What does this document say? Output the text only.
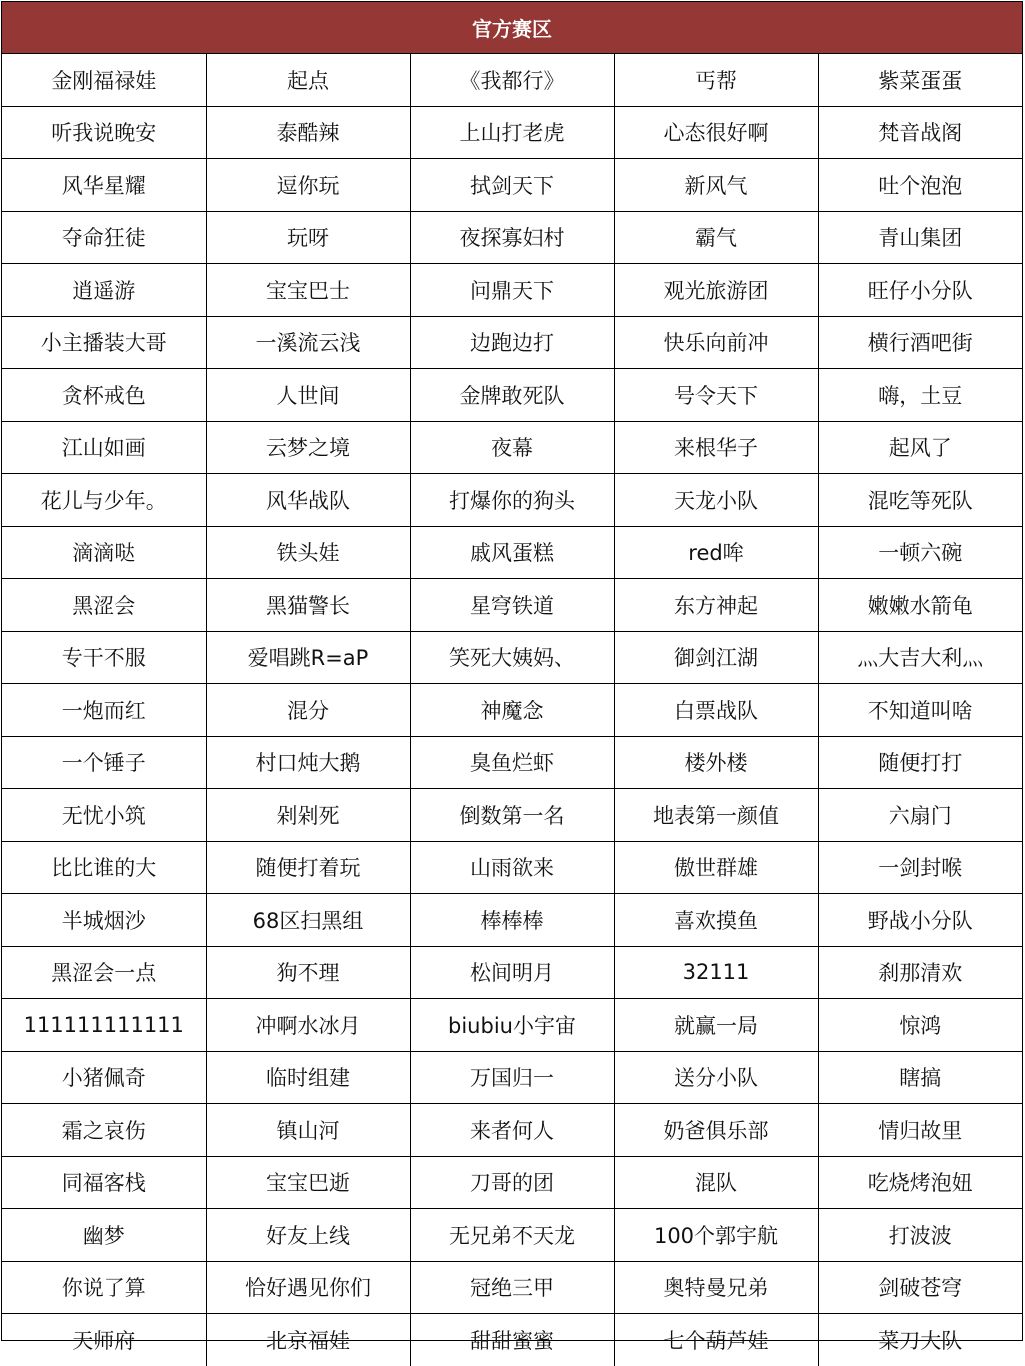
官方赛区
金刚福禄娃	起点	《我都行》	丐帮	紫菜蛋蛋
听我说晚安	泰酷辣	上山打老虎	心态很好啊	梵音战阁
风华星耀	逗你玩	拭剑天下	新风气	吐个泡泡
夺命狂徒	玩呀	夜探寡妇村	霸气	青山集团
逍遥游	宝宝巴士	问鼎天下	观光旅游团	旺仔小分队
小主播装大哥	一溪流云浅	边跑边打	快乐向前冲	横行酒吧街
贪杯戒色	人世间	金牌敢死队	号令天下	嗨，土豆
江山如画	云梦之境	夜幕	来根华子	起风了
花儿与少年。	风华战队	打爆你的狗头	天龙小队	混吃等死队
滴滴哒	铁头娃	戚风蛋糕	red哞	一顿六碗
黑涩会	黑猫警长	星穹铁道	东方神起	嫩嫩水箭龟
专干不服	爱唱跳R=aP	笑死大姨妈、	御剑江湖	灬大吉大利灬
一炮而红	混分	神魔念	白票战队	不知道叫啥
一个锤子	村口炖大鹅	臭鱼烂虾	楼外楼	随便打打
无忧小筑	剁剁死	倒数第一名	地表第一颜值	六扇门
比比谁的大	随便打着玩	山雨欲来	傲世群雄	一剑封喉
半城烟沙	68区扫黑组	棒棒棒	喜欢摸鱼	野战小分队
黑涩会一点	狗不理	松间明月	32111	刹那清欢
111111111111	冲啊水冰月	biubiu小宇宙	就赢一局	惊鸿
小猪佩奇	临时组建	万国归一	送分小队	瞎搞
霜之哀伤	镇山河	来者何人	奶爸俱乐部	情归故里
同福客栈	宝宝巴逝	刀哥的团	混队	吃烧烤泡妞
幽梦	好友上线	无兄弟不天龙	100个郭宇航	打波波
你说了算	恰好遇见你们	冠绝三甲	奥特曼兄弟	剑破苍穹
天师府	北京福娃	甜甜蜜蜜	七个葫芦娃	菜刀大队
